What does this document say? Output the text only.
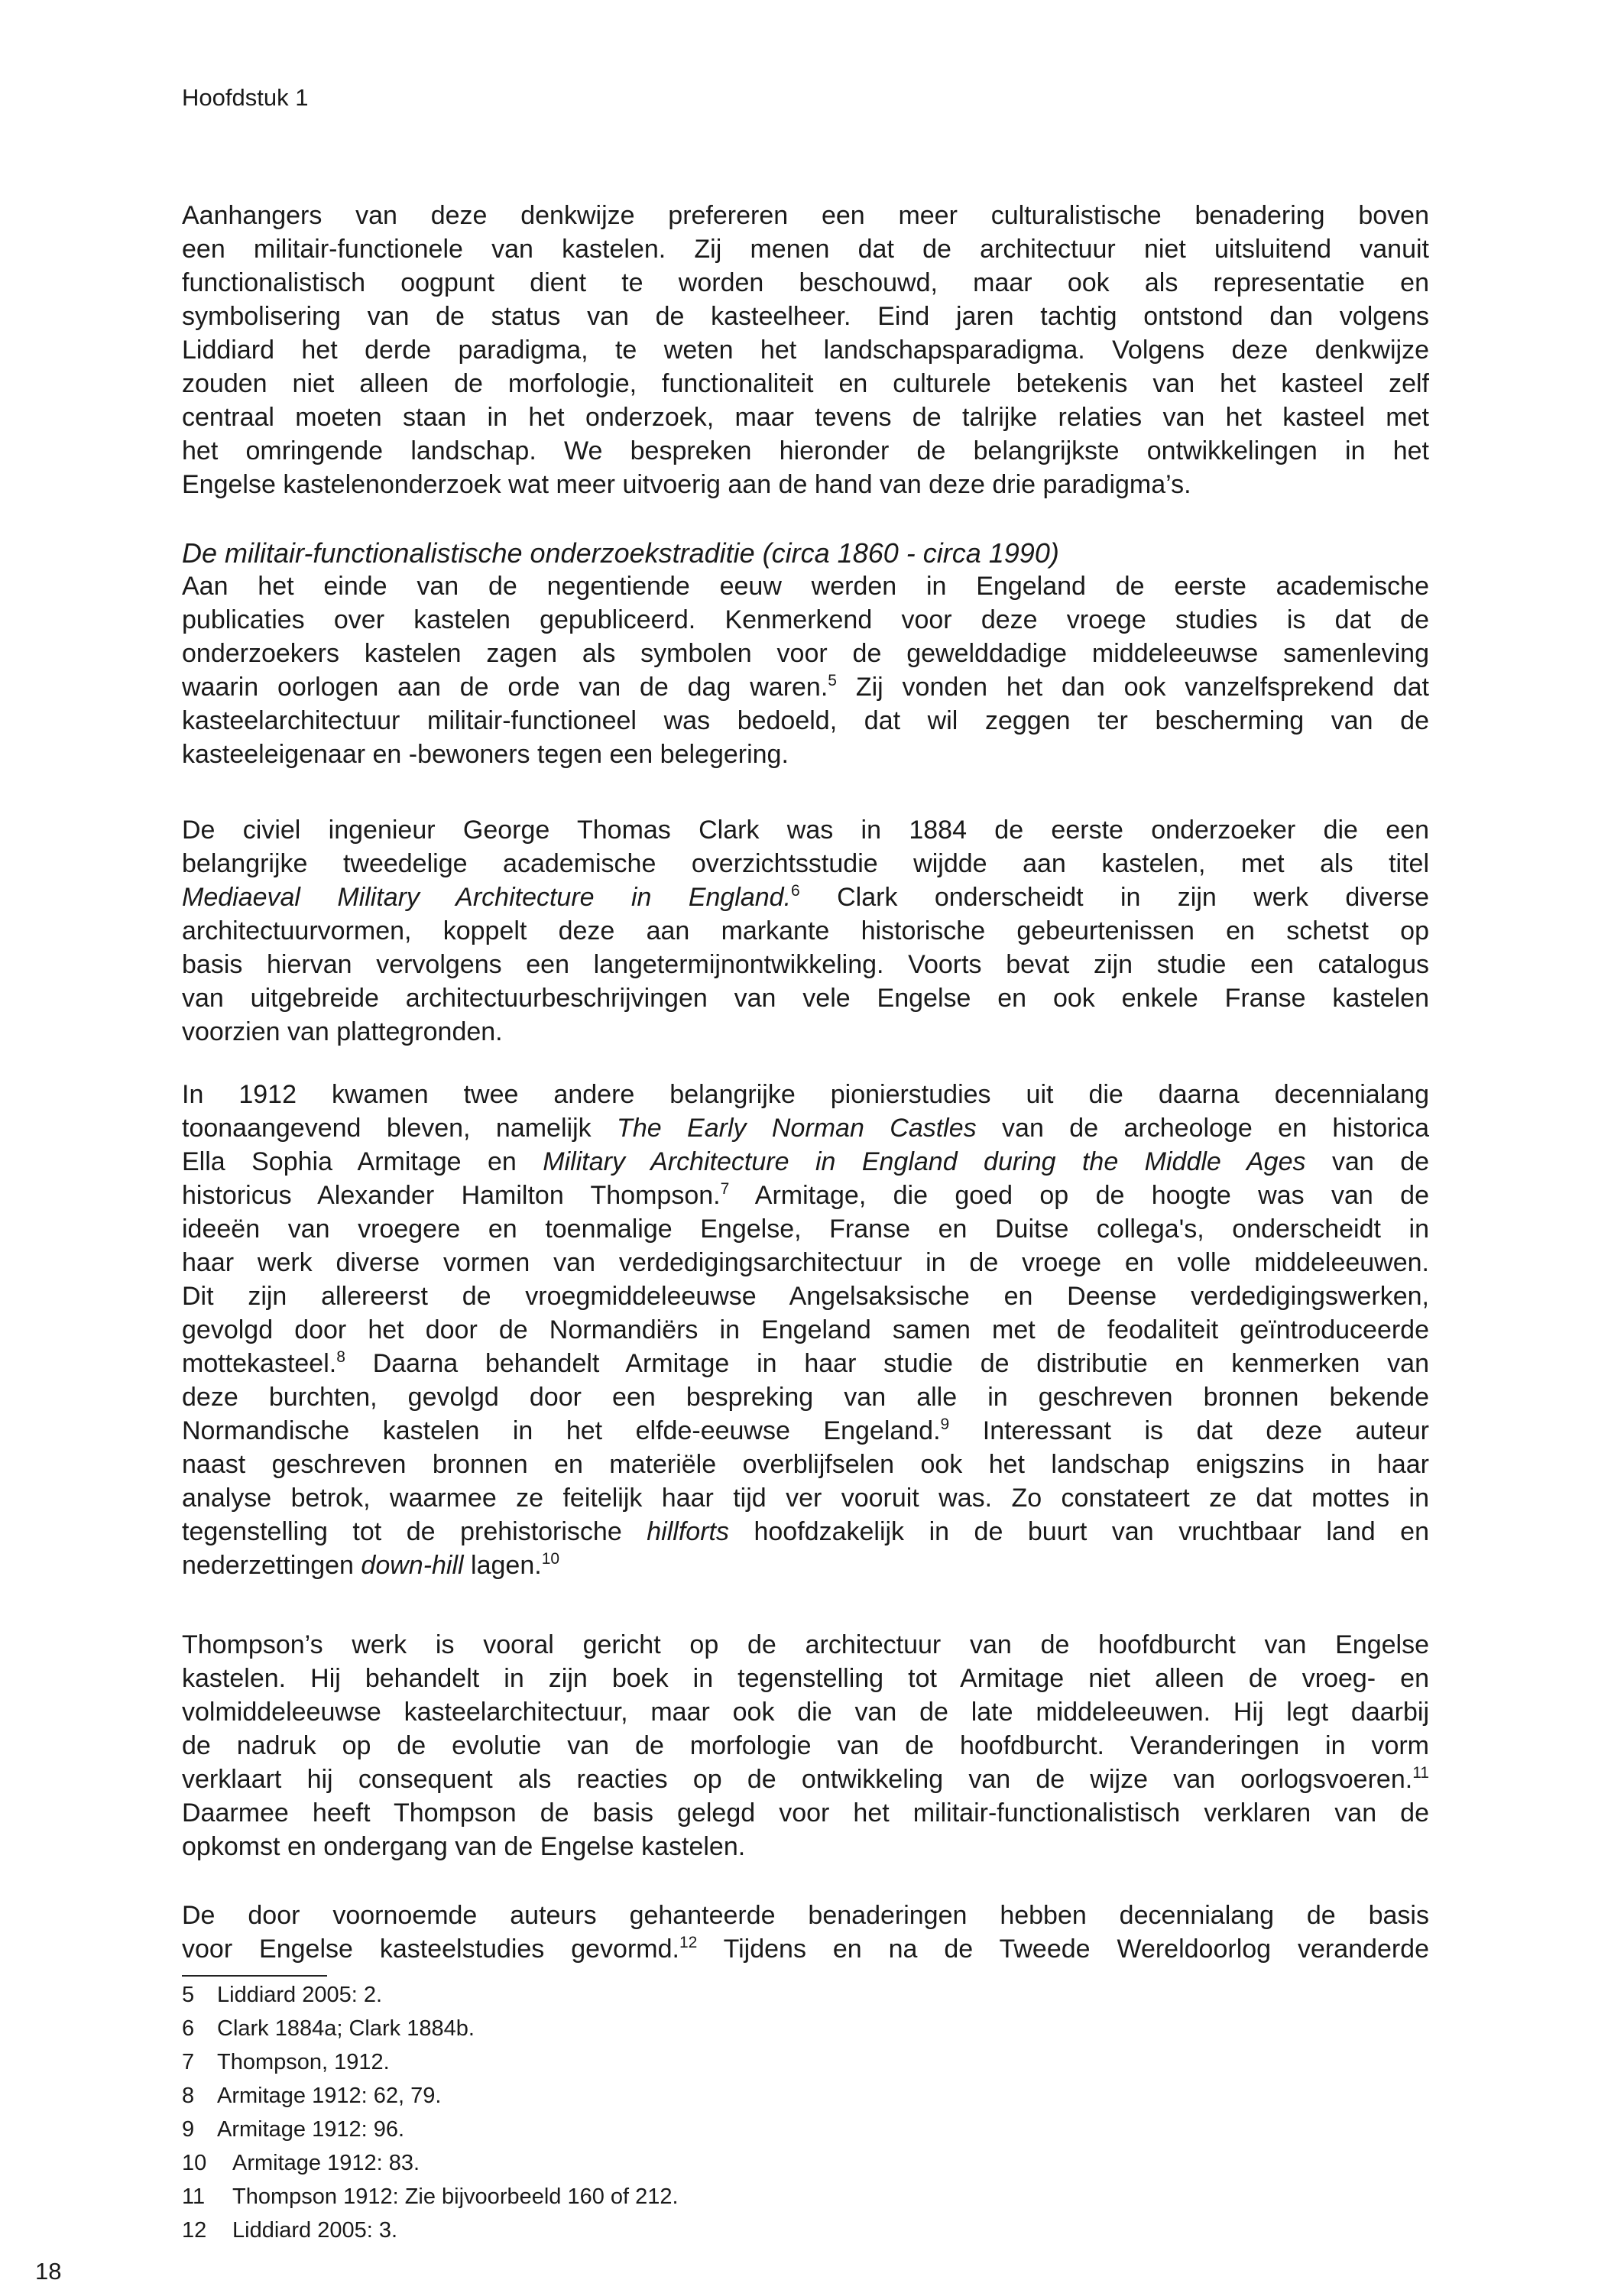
Hoofdstuk 1
Aanhangers van deze denkwijze prefereren een meer culturalistische benadering boven
een militair-functionele van kastelen. Zij menen dat de architectuur niet uitsluitend vanuit
functionalistisch oogpunt dient te worden beschouwd, maar ook als representatie en
symbolisering van de status van de kasteelheer. Eind jaren tachtig ontstond dan volgens
Liddiard het derde paradigma, te weten het landschapsparadigma. Volgens deze denkwijze
zouden niet alleen de morfologie, functionaliteit en culturele betekenis van het kasteel zelf
centraal moeten staan in het onderzoek, maar tevens de talrijke relaties van het kasteel met
het omringende landschap. We bespreken hieronder de belangrijkste ontwikkelingen in het
Engelse kastelenonderzoek wat meer uitvoerig aan de hand van deze drie paradigma’s.
De militair-functionalistische onderzoekstraditie (circa 1860 - circa 1990)
Aan het einde van de negentiende eeuw werden in Engeland de eerste academische
publicaties over kastelen gepubliceerd. Kenmerkend voor deze vroege studies is dat de
onderzoekers kastelen zagen als symbolen voor de gewelddadige middeleeuwse samenleving
waarin oorlogen aan de orde van de dag waren.$^5$ Zij vonden het dan ook vanzelfsprekend dat
kasteelarchitectuur militair-functioneel was bedoeld, dat wil zeggen ter bescherming van de
kasteeleigenaar en -bewoners tegen een belegering.
De civiel ingenieur George Thomas Clark was in 1884 de eerste onderzoeker die een
belangrijke tweedelige academische overzichtsstudie wijdde aan kastelen, met als titel
Mediaeval Military Architecture in England.$^6$ Clark onderscheidt in zijn werk diverse
architectuurvormen, koppelt deze aan markante historische gebeurtenissen en schetst op
basis hiervan vervolgens een langetermijnontwikkeling. Voorts bevat zijn studie een catalogus
van uitgebreide architectuurbeschrijvingen van vele Engelse en ook enkele Franse kastelen
voorzien van plattegronden.
In 1912 kwamen twee andere belangrijke pionierstudies uit die daarna decennialang
toonaangevend bleven, namelijk The Early Norman Castles van de archeologe en historica
Ella Sophia Armitage en Military Architecture in England during the Middle Ages van de
historicus Alexander Hamilton Thompson.$^7$ Armitage, die goed op de hoogte was van de
ideeën van vroegere en toenmalige Engelse, Franse en Duitse collega's, onderscheidt in
haar werk diverse vormen van verdedigingsarchitectuur in de vroege en volle middeleeuwen.
Dit zijn allereerst de vroegmiddeleeuwse Angelsaksische en Deense verdedigingswerken,
gevolgd door het door de Normandiërs in Engeland samen met de feodaliteit geïntroduceerde
mottekasteel.$^8$ Daarna behandelt Armitage in haar studie de distributie en kenmerken van
deze burchten, gevolgd door een bespreking van alle in geschreven bronnen bekende
Normandische kastelen in het elfde-eeuwse Engeland.$^9$ Interessant is dat deze auteur
naast geschreven bronnen en materiële overblijfselen ook het landschap enigszins in haar
analyse betrok, waarmee ze feitelijk haar tijd ver vooruit was. Zo constateert ze dat mottes in
tegenstelling tot de prehistorische hillforts hoofdzakelijk in de buurt van vruchtbaar land en
nederzettingen down-hill lagen.$^{10}$
Thompson’s werk is vooral gericht op de architectuur van de hoofdburcht van Engelse
kastelen. Hij behandelt in zijn boek in tegenstelling tot Armitage niet alleen de vroeg- en
volmiddeleeuwse kasteelarchitectuur, maar ook die van de late middeleeuwen. Hij legt daarbij
de nadruk op de evolutie van de morfologie van de hoofdburcht. Veranderingen in vorm
verklaart hij consequent als reacties op de ontwikkeling van de wijze van oorlogsvoeren.$^{11}$
Daarmee heeft Thompson de basis gelegd voor het militair-functionalistisch verklaren van de
opkomst en ondergang van de Engelse kastelen.
De door voornoemde auteurs gehanteerde benaderingen hebben decennialang de basis
voor Engelse kasteelstudies gevormd.$^{12}$ Tijdens en na de Tweede Wereldoorlog veranderde
5 Liddiard 2005: 2.
6 Clark 1884a; Clark 1884b.
7 Thompson, 1912.
8 Armitage 1912: 62, 79.
9 Armitage 1912: 96.
10 Armitage 1912: 83.
11 Thompson 1912: Zie bijvoorbeeld 160 of 212.
12 Liddiard 2005: 3.
18
